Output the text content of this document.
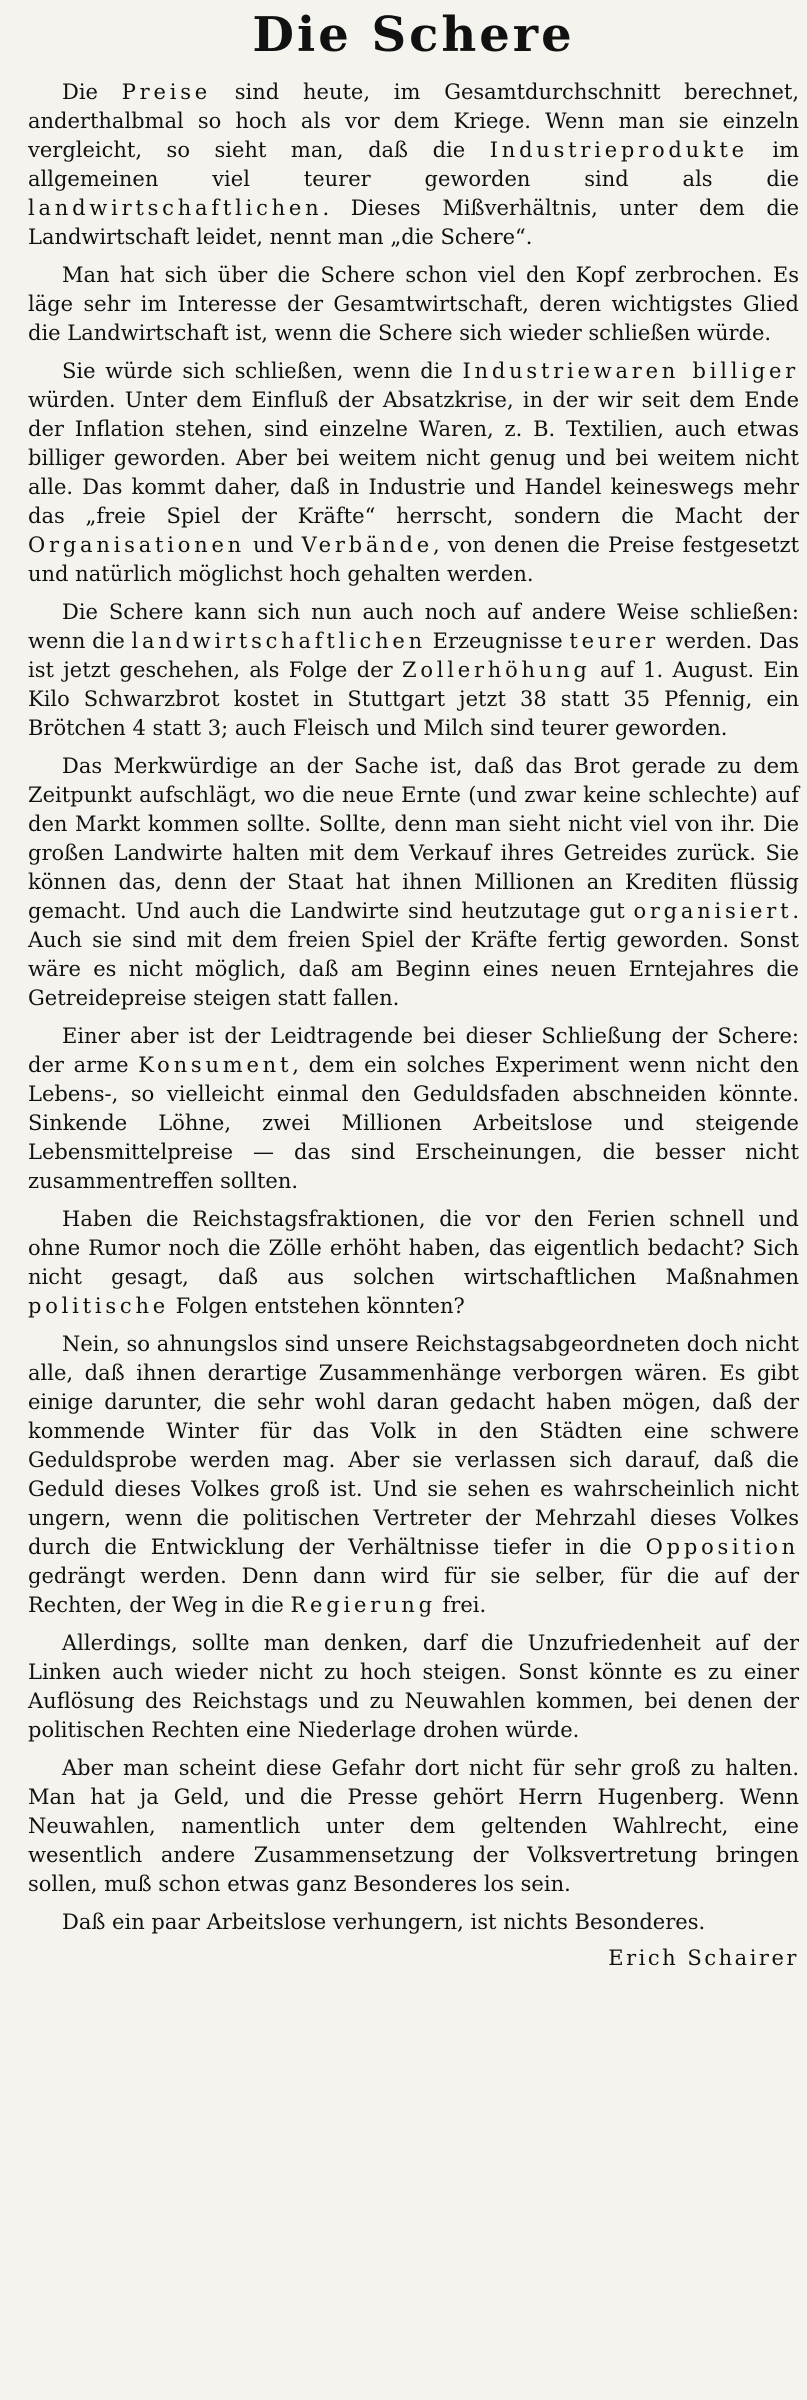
Die Schere

Die Preise sind heute, im Gesamtdurchschnitt berechnet, anderthalbmal so hoch als vor dem Kriege. Wenn man sie einzeln vergleicht, so sieht man, daß die Industrieprodukte im allgemeinen viel teurer geworden sind als die landwirtschaftlichen. Dieses Mißverhältnis, unter dem die Landwirtschaft leidet, nennt man „die Schere“.

Man hat sich über die Schere schon viel den Kopf zerbrochen. Es läge sehr im Interesse der Gesamtwirtschaft, deren wichtigstes Glied die Landwirtschaft ist, wenn die Schere sich wieder schließen würde.

Sie würde sich schließen, wenn die Industriewaren billiger würden. Unter dem Einfluß der Absatzkrise, in der wir seit dem Ende der Inflation stehen, sind einzelne Waren, z. B. Textilien, auch etwas billiger geworden. Aber bei weitem nicht genug und bei weitem nicht alle. Das kommt daher, daß in Industrie und Handel keineswegs mehr das „freie Spiel der Kräfte“ herrscht, sondern die Macht der Organisationen und Verbände, von denen die Preise festgesetzt und natürlich möglichst hoch gehalten werden.

Die Schere kann sich nun auch noch auf andere Weise schließen: wenn die landwirtschaftlichen Erzeugnisse teurer werden. Das ist jetzt geschehen, als Folge der Zollerhöhung auf 1. August. Ein Kilo Schwarzbrot kostet in Stuttgart jetzt 38 statt 35 Pfennig, ein Brötchen 4 statt 3; auch Fleisch und Milch sind teurer geworden.

Das Merkwürdige an der Sache ist, daß das Brot gerade zu dem Zeitpunkt aufschlägt, wo die neue Ernte (und zwar keine schlechte) auf den Markt kommen sollte. Sollte, denn man sieht nicht viel von ihr. Die großen Landwirte halten mit dem Verkauf ihres Getreides zurück. Sie können das, denn der Staat hat ihnen Millionen an Krediten flüssig gemacht. Und auch die Landwirte sind heutzutage gut organisiert. Auch sie sind mit dem freien Spiel der Kräfte fertig geworden. Sonst wäre es nicht möglich, daß am Beginn eines neuen Erntejahres die Getreidepreise steigen statt fallen.

Einer aber ist der Leidtragende bei dieser Schließung der Schere: der arme Konsument, dem ein solches Experiment wenn nicht den Lebens-, so vielleicht einmal den Geduldsfaden abschneiden könnte. Sinkende Löhne, zwei Millionen Arbeitslose und steigende Lebensmittelpreise — das sind Erscheinungen, die besser nicht zusammentreffen sollten.

Haben die Reichstagsfraktionen, die vor den Ferien schnell und ohne Rumor noch die Zölle erhöht haben, das eigentlich bedacht? Sich nicht gesagt, daß aus solchen wirtschaftlichen Maßnahmen politische Folgen entstehen könnten?

Nein, so ahnungslos sind unsere Reichstagsabgeordneten doch nicht alle, daß ihnen derartige Zusammenhänge verborgen wären. Es gibt einige darunter, die sehr wohl daran gedacht haben mögen, daß der kommende Winter für das Volk in den Städten eine schwere Geduldsprobe werden mag. Aber sie verlassen sich darauf, daß die Geduld dieses Volkes groß ist. Und sie sehen es wahrscheinlich nicht ungern, wenn die politischen Vertreter der Mehrzahl dieses Volkes durch die Entwicklung der Verhältnisse tiefer in die Opposition gedrängt werden. Denn dann wird für sie selber, für die auf der Rechten, der Weg in die Regierung frei.

Allerdings, sollte man denken, darf die Unzufriedenheit auf der Linken auch wieder nicht zu hoch steigen. Sonst könnte es zu einer Auflösung des Reichstags und zu Neuwahlen kommen, bei denen der politischen Rechten eine Niederlage drohen würde.

Aber man scheint diese Gefahr dort nicht für sehr groß zu halten. Man hat ja Geld, und die Presse gehört Herrn Hugenberg. Wenn Neuwahlen, namentlich unter dem geltenden Wahlrecht, eine wesentlich andere Zusammensetzung der Volksvertretung bringen sollen, muß schon etwas ganz Besonderes los sein.

Daß ein paar Arbeitslose verhungern, ist nichts Besonderes.

Erich Schairer
